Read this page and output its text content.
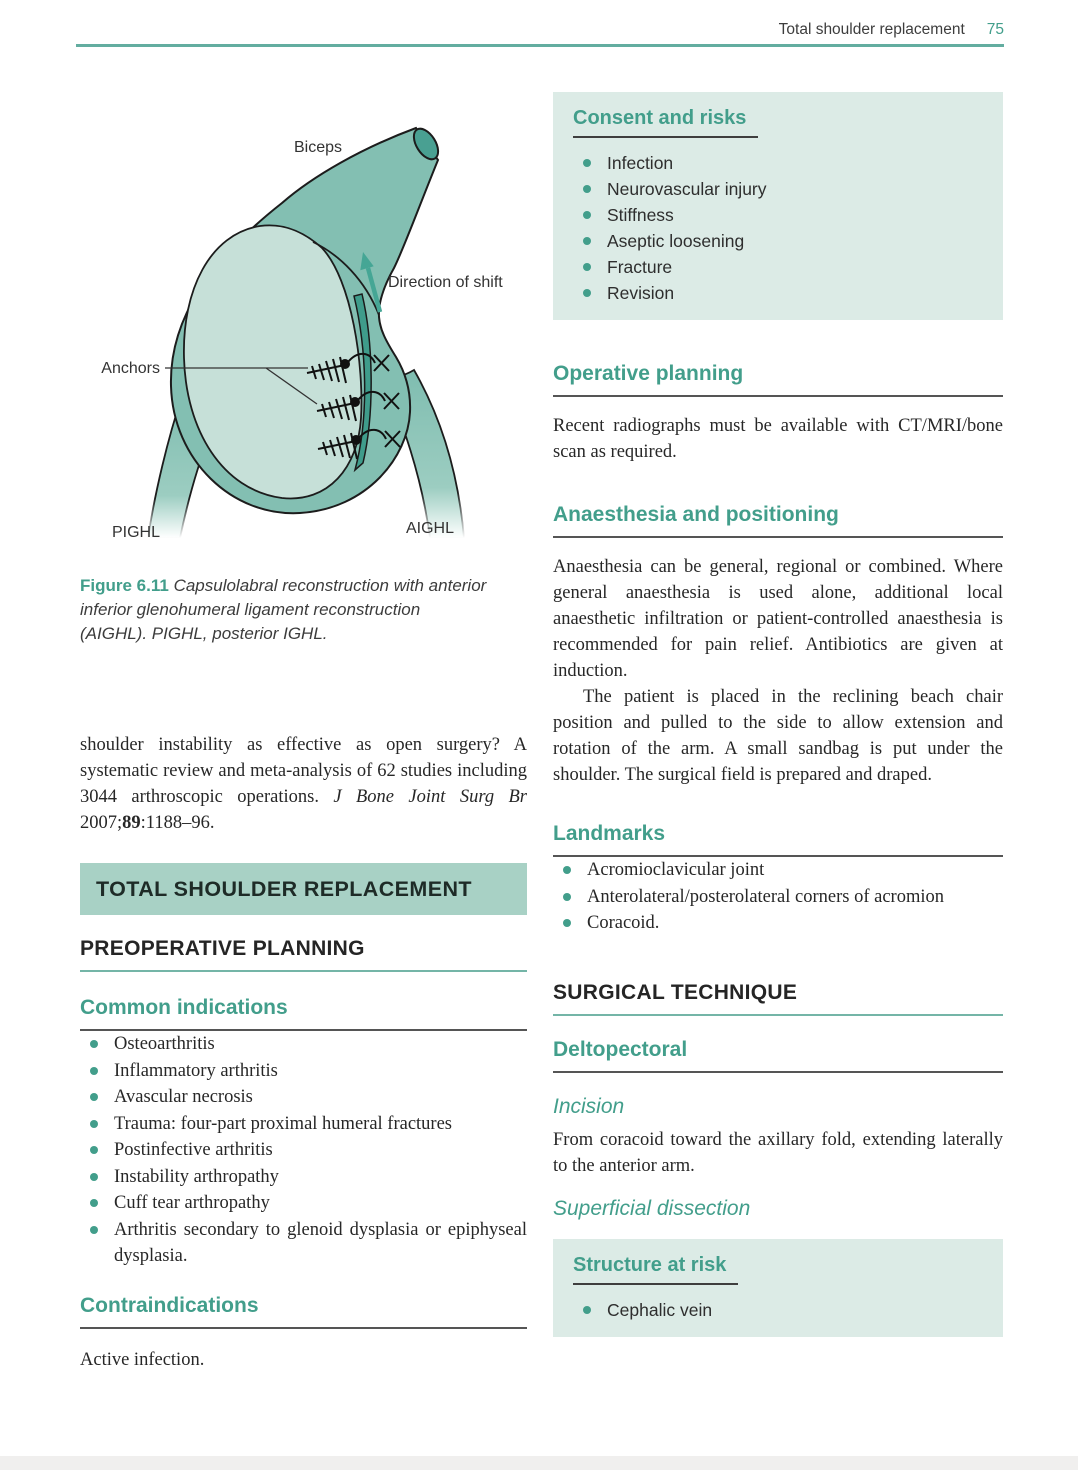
Total shoulder replacement 75
Biceps
Direction of shift
Anchors
PIGHL	AIGHL
Figure 6.11 Capsulolabral reconstruction with anterior inferior glenohumeral ligament reconstruction (AIGHL). PIGHL, posterior IGHL.

shoulder instability as effective as open surgery? A systematic review and meta-analysis of 62 studies including 3044 arthroscopic operations. J Bone Joint Surg Br 2007;89:1188–96.

TOTAL SHOULDER REPLACEMENT
PREOPERATIVE PLANNING
Common indications
Osteoarthritis
Inflammatory arthritis
Avascular necrosis
Trauma: four-part proximal humeral fractures
Postinfective arthritis
Instability arthropathy
Cuff tear arthropathy
Arthritis secondary to glenoid dysplasia or epiphyseal dysplasia.
Contraindications

Active infection.

Consent and risks
Infection
Neurovascular injury
Stiffness
Aseptic loosening
Fracture
Revision
Operative planning

Recent radiographs must be available with CT/MRI/bone scan as required.

Anaesthesia and positioning

Anaesthesia can be general, regional or combined. Where general anaesthesia is used alone, additional local anaesthetic infiltration or patient-controlled anaesthesia is recommended for pain relief. Antibiotics are given at induction.

The patient is placed in the reclining beach chair position and pulled to the side to allow extension and rotation of the arm. A small sandbag is put under the shoulder. The surgical field is prepared and draped.

Landmarks
Acromioclavicular joint
Anterolateral/posterolateral corners of acromion
Coracoid.
SURGICAL TECHNIQUE
Deltopectoral
Incision

From coracoid toward the axillary fold, extending laterally to the anterior arm.

Superficial dissection
Structure at risk
Cephalic vein
